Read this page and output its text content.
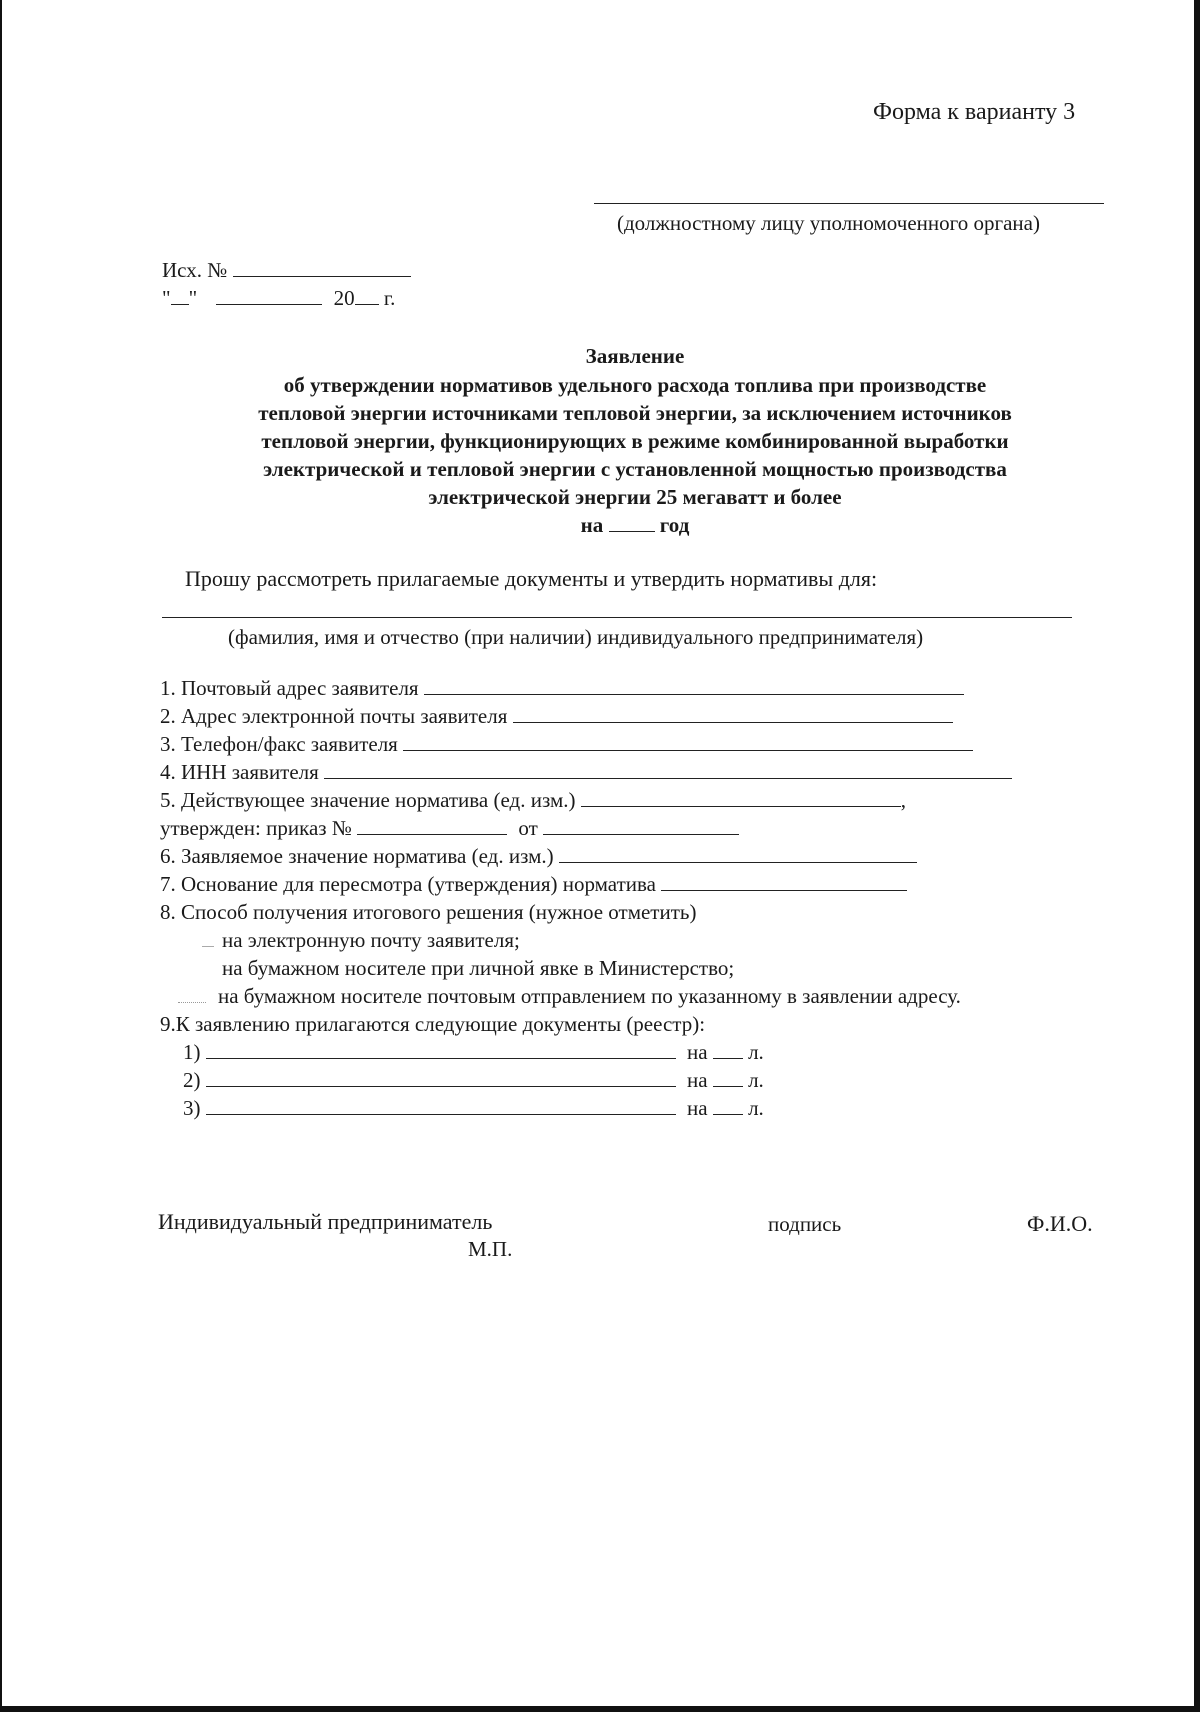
Форма к варианту 3
(должностному лицу уполномоченного органа)
Исх. №
" "	20 г.
Заявление
об утверждении нормативов удельного расхода топлива при производстве
тепловой энергии источниками тепловой энергии, за исключением источников
тепловой энергии, функционирующих в режиме комбинированной выработки
электрической и тепловой энергии с установленной мощностью производства
электрической энергии 25 мегаватт и более
на	год
Прошу рассмотреть прилагаемые документы и утвердить нормативы для:
(фамилия, имя и отчество (при наличии) индивидуального предпринимателя)
1. Почтовый адрес заявителя
2. Адрес электронной почты заявителя
3. Телефон/факс заявителя
4. ИНН заявителя
5. Действующее значение норматива (ед. изм.)	,
утвержден: приказ №	от
6. Заявляемое значение норматива (ед. изм.)
7. Основание для пересмотра (утверждения) норматива
8. Способ получения итогового решения (нужное отметить)
на электронную почту заявителя;
на бумажном носителе при личной явке в Министерство;
на бумажном носителе почтовым отправлением по указанному в заявлении адресу.
9.К заявлению прилагаются следующие документы (реестр):
1)	на л.
2)	на л.
3)	на л.
Индивидуальный предприниматель
М.П.
подпись	Ф.И.О.
